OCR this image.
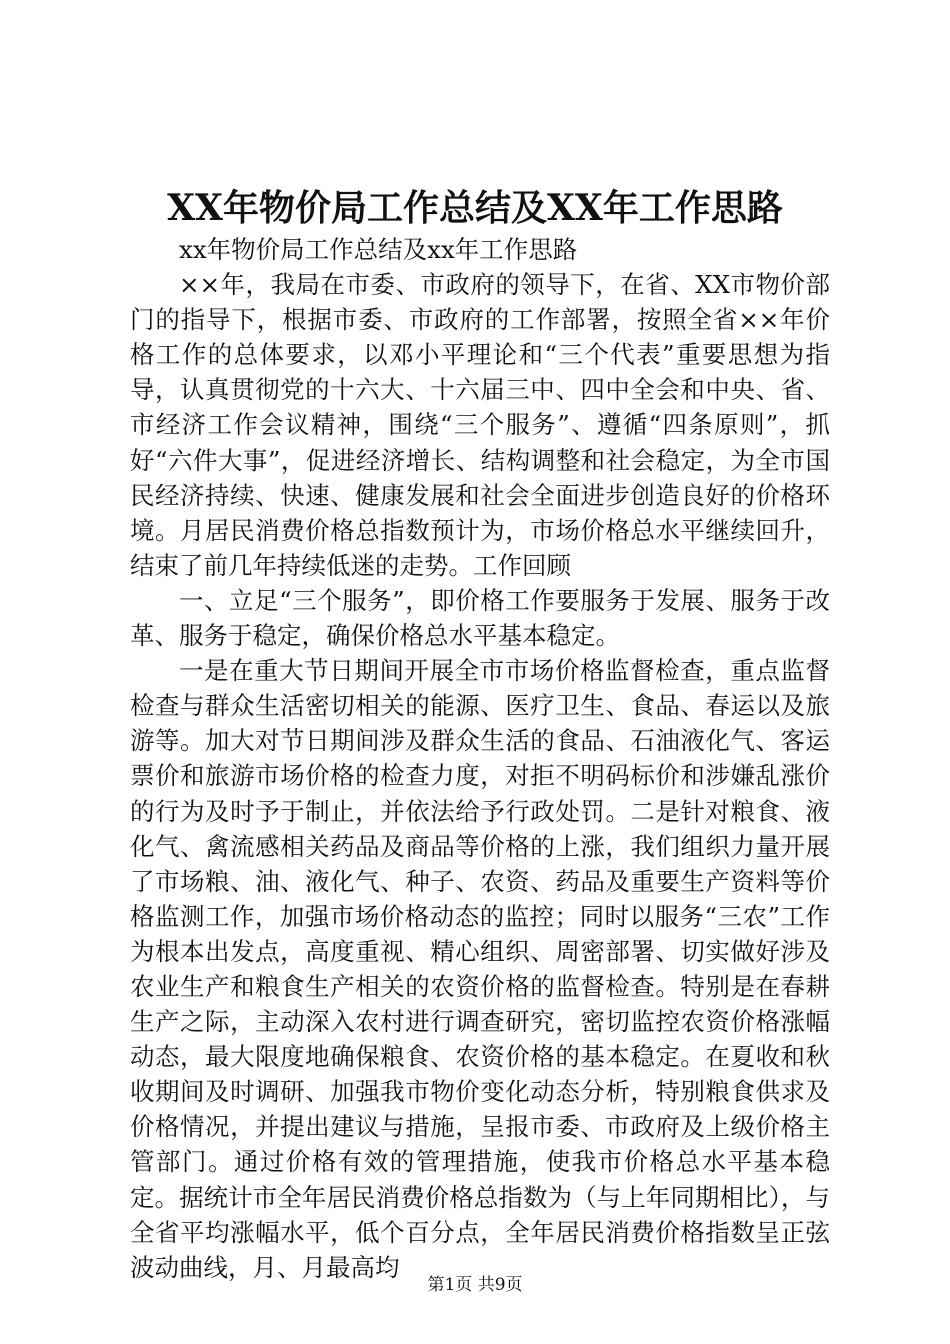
XX年物价局工作总结及XX年工作思路

xx年物价局工作总结及xx年工作思路

××年，我局在市委、市政府的领导下，在省、XX市物价部门的指导下，根据市委、市政府的工作部署，按照全省××年价格工作的总体要求，以邓小平理论和“三个代表”重要思想为指导，认真贯彻党的十六大、十六届三中、四中全会和中央、省、市经济工作会议精神，围绕“三个服务”、遵循“四条原则”，抓好“六件大事”，促进经济增长、结构调整和社会稳定，为全市国民经济持续、快速、健康发展和社会全面进步创造良好的价格环境。月居民消费价格总指数预计为，市场价格总水平继续回升，结束了前几年持续低迷的走势。工作回顾

一、立足“三个服务”，即价格工作要服务于发展、服务于改革、服务于稳定，确保价格总水平基本稳定。

一是在重大节日期间开展全市市场价格监督检查，重点监督检查与群众生活密切相关的能源、医疗卫生、食品、春运以及旅游等。加大对节日期间涉及群众生活的食品、石油液化气、客运票价和旅游市场价格的检查力度，对拒不明码标价和涉嫌乱涨价的行为及时予于制止，并依法给予行政处罚。二是针对粮食、液化气、禽流感相关药品及商品等价格的上涨，我们组织力量开展了市场粮、油、液化气、种子、农资、药品及重要生产资料等价格监测工作，加强市场价格动态的监控；同时以服务“三农”工作为根本出发点，高度重视、精心组织、周密部署、切实做好涉及农业生产和粮食生产相关的农资价格的监督检查。特别是在春耕生产之际，主动深入农村进行调查研究，密切监控农资价格涨幅动态，最大限度地确保粮食、农资价格的基本稳定。在夏收和秋收期间及时调研、加强我市物价变化动态分析，特别粮食供求及价格情况，并提出建议与措施，呈报市委、市政府及上级价格主管部门。通过价格有效的管理措施，使我市价格总水平基本稳定。据统计市全年居民消费价格总指数为（与上年同期相比），与全省平均涨幅水平，低个百分点，全年居民消费价格指数呈正弦波动曲线，月、月最高均

第1页 共9页
